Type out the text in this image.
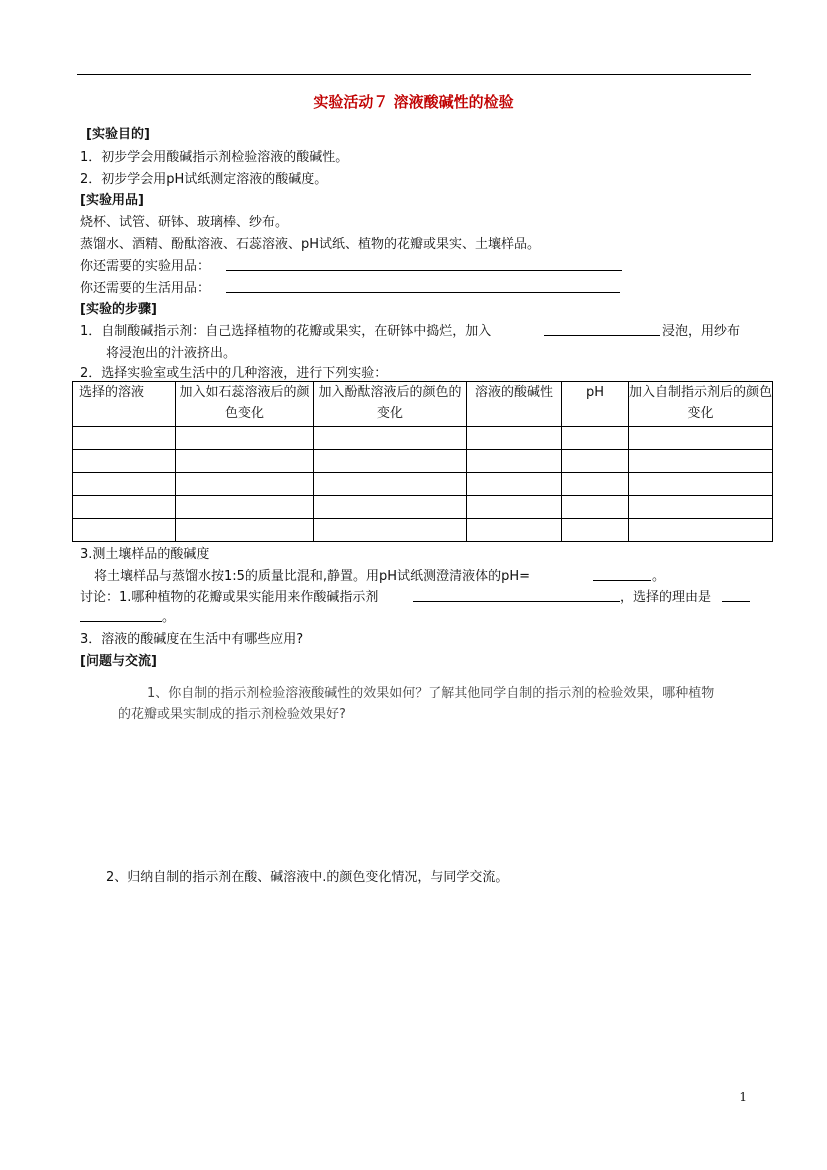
实验活动７ 溶液酸碱性的检验
[实验目的]
1．初步学会用酸碱指示剂检验溶液的酸碱性。
2．初步学会用pH试纸测定溶液的酸碱度。
[实验用品]
烧杯、试管、研钵、玻璃棒、纱布。
蒸馏水、酒精、酚酞溶液、石蕊溶液、pH试纸、植物的花瓣或果实、土壤样品。
你还需要的实验用品：
你还需要的生活用品：
[实验的步骤]
1．自制酸碱指示剂：自己选择植物的花瓣或果实，在研钵中捣烂，加入	浸泡，用纱布
将浸泡出的汁液挤出。
2．选择实验室或生活中的几种溶液，进行下列实验：
选择的溶液	加入如石蕊溶液后的颜色变化	加入酚酞溶液后的颜色的变化	溶液的酸碱性	pH	加入自制指示剂后的颜色变化

3.测土壤样品的酸碱度
将土壤样品与蒸馏水按1:5的质量比混和,静置。用pH试纸测澄清液体的pH=	。
讨论：1.哪种植物的花瓣或果实能用来作酸碱指示剂	，选择的理由是
。
3．溶液的酸碱度在生活中有哪些应用?
[问题与交流]
1、你自制的指示剂检验溶液酸碱性的效果如何？了解其他同学自制的指示剂的检验效果，哪种植物
的花瓣或果实制成的指示剂检验效果好?
2、归纳自制的指示剂在酸、碱溶液中.的颜色变化情况，与同学交流。
1
